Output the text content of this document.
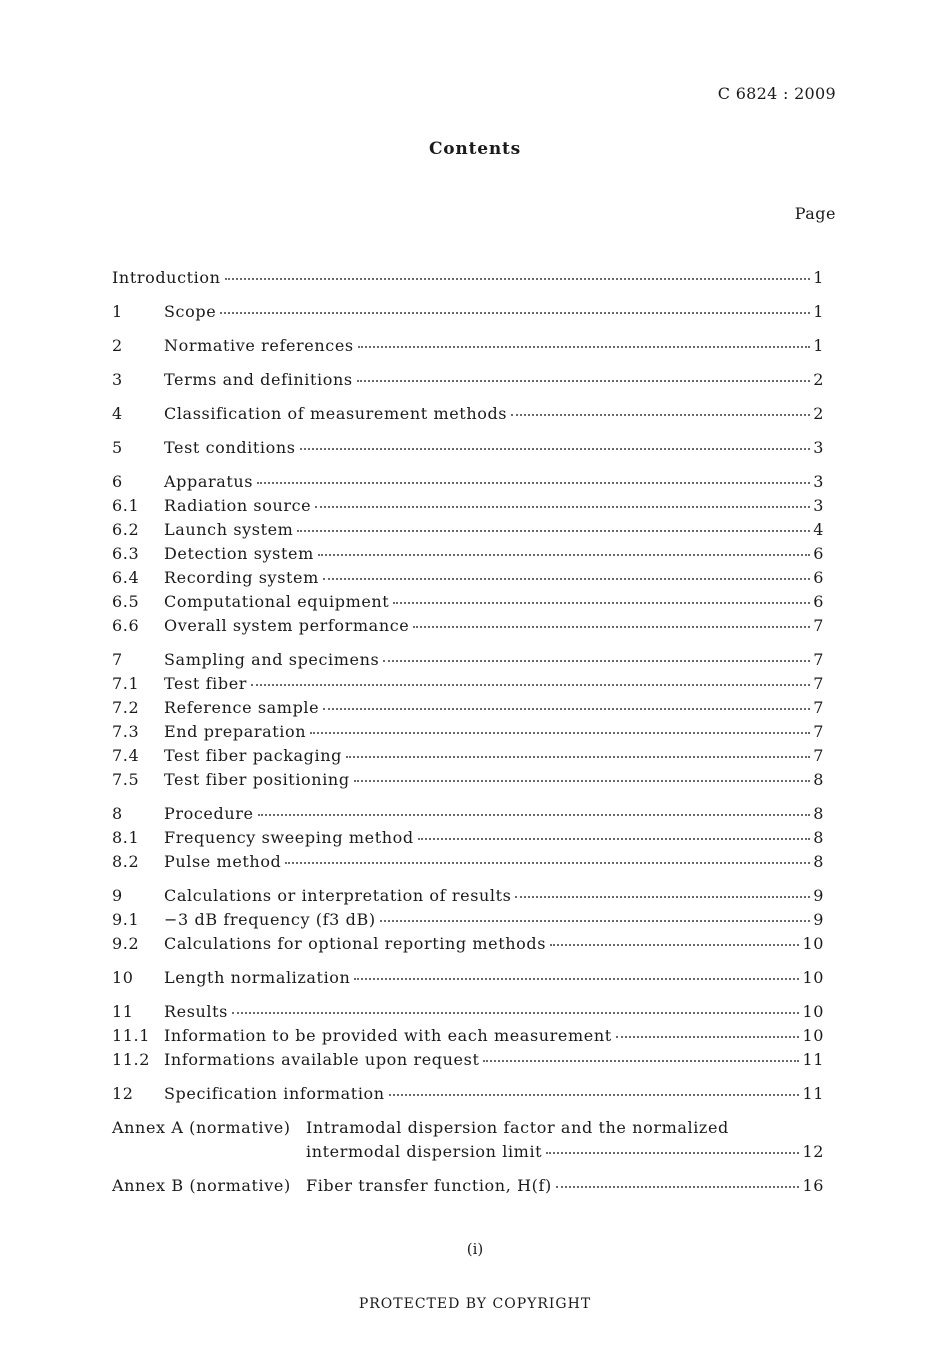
C 6824 : 2009
Contents
Page
Introduction	1
1	Scope	1
2	Normative references	1
3	Terms and definitions	2
4	Classification of measurement methods	2
5	Test conditions	3
6	Apparatus	3
6.1 Radiation source	3
6.2 Launch system	4
6.3 Detection system	6
6.4 Recording system	6
6.5 Computational equipment	6
6.6 Overall system performance	7
7	Sampling and specimens	7
7.1 Test fiber	7
7.2 Reference sample	7
7.3 End preparation	7
7.4 Test fiber packaging	7
7.5 Test fiber positioning	8
8	Procedure	8
8.1 Frequency sweeping method	8
8.2 Pulse method	8
9	Calculations or interpretation of results	9
9.1 −3 dB frequency (f3 dB)	9
9.2 Calculations for optional reporting methods	10
10 Length normalization	10
11 Results	10
11.1 Information to be provided with each measurement	10
11.2 Informations available upon request	11
12 Specification information	11
Annex A (normative) Intramodal dispersion factor and the normalized
intermodal dispersion limit	12
Annex B (normative) Fiber transfer function, H(f)	16
(i)
PROTECTED BY COPYRIGHT
